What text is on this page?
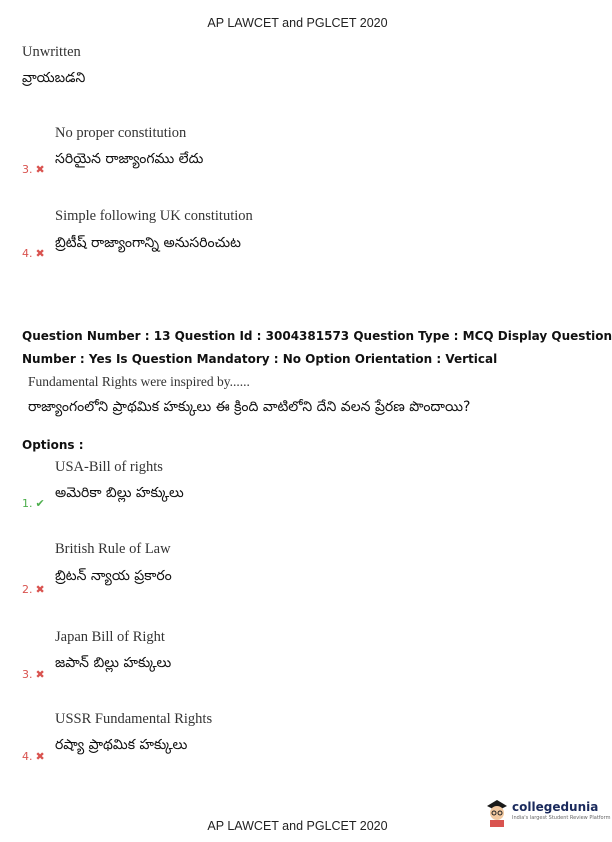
AP LAWCET and PGLCET 2020
Unwritten
వ్రాయబడని
No proper constitution
3. ✖
సరియైన రాజ్యాంగము లేదు
Simple following UK constitution
4. ✖
బ్రిటీష్ రాజ్యాంగాన్ని అనుసరించుట
Question Number : 13 Question Id : 3004381573 Question Type : MCQ Display Question
Number : Yes Is Question Mandatory : No Option Orientation : Vertical
Fundamental Rights were inspired by......
రాజ్యాంగంలోని ప్రాథమిక హక్కులు ఈ క్రింది వాటిలోని దేని వలన ప్రేరణ పొందాయి?
Options :
USA-Bill of rights
1. ✔
అమెరికా బిల్లు హక్కులు
British Rule of Law
2. ✖
బ్రిటన్ న్యాయ ప్రకారం
Japan Bill of Right
3. ✖
జపాన్ బిల్లు హక్కులు
USSR Fundamental Rights
4. ✖
రష్యా ప్రాథమిక హక్కులు
collegedunia
India's largest Student Review Platform
AP LAWCET and PGLCET 2020
